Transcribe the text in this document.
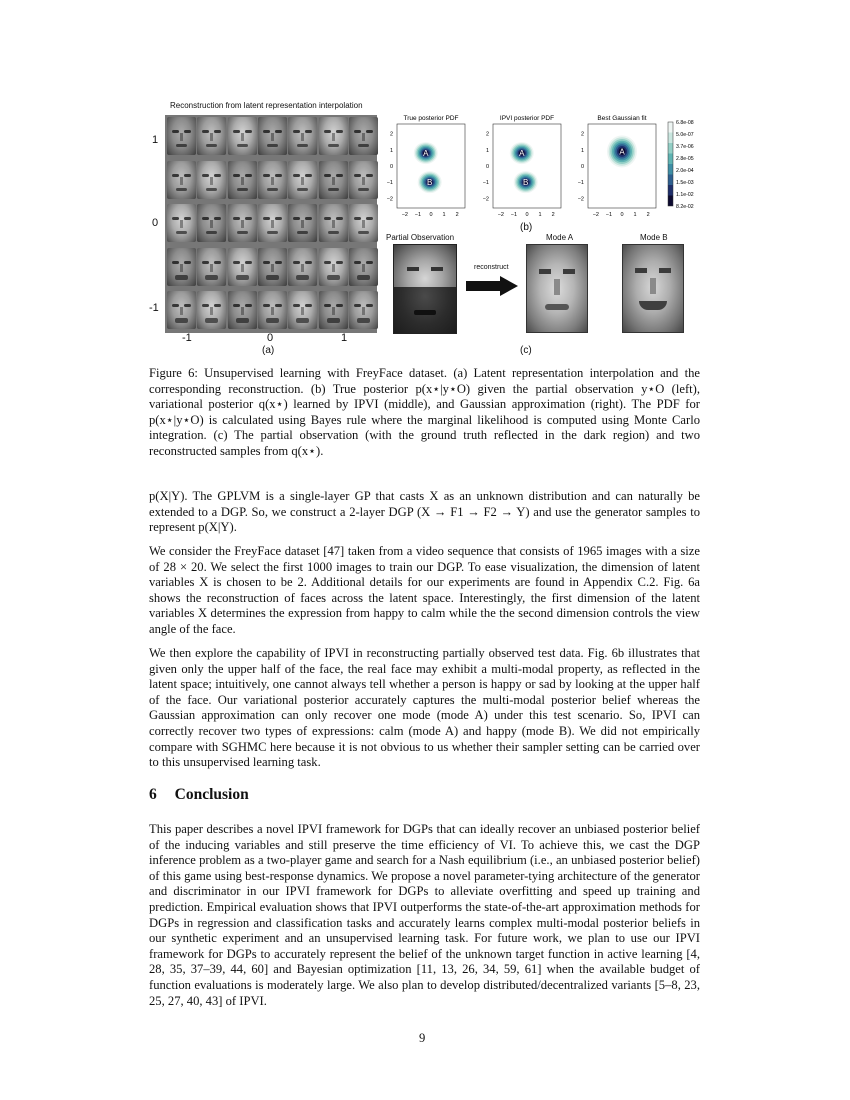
Reconstruction from latent representation interpolation
1
0
-1
-1	0	1
(a)
True posterior PDF
A
B
2
1
0
−1
−2
−2 −1 0 1 2
IPVI posterior PDF
A
B
2
1
0
−1
−2
−2 −1 0 1 2
Best Gaussian fit
A
2
1
0
−1
−2
−2 −1 0 1 2
6.8e-08
5.0e-07
3.7e-06
2.8e-05
2.0e-04
1.5e-03
1.1e-02
8.2e-02
(b)
Partial Observation	Mode A	Mode B
reconstruct
(c)

Figure 6: Unsupervised learning with FreyFace dataset. (a) Latent representation interpolation and the corresponding reconstruction. (b) True posterior p(x⋆|y⋆O) given the partial observation y⋆O (left), variational posterior q(x⋆) learned by IPVI (middle), and Gaussian approximation (right). The PDF for p(x⋆|y⋆O) is calculated using Bayes rule where the marginal likelihood is computed using Monte Carlo integration. (c) The partial observation (with the ground truth reflected in the dark region) and two reconstructed samples from q(x⋆).

p(X|Y). The GPLVM is a single-layer GP that casts X as an unknown distribution and can naturally be extended to a DGP. So, we construct a 2-layer DGP (X → F1 → F2 → Y) and use the generator samples to represent p(X|Y).

We consider the FreyFace dataset [47] taken from a video sequence that consists of 1965 images with a size of 28 × 20. We select the first 1000 images to train our DGP. To ease visualization, the dimension of latent variables X is chosen to be 2. Additional details for our experiments are found in Appendix C.2. Fig. 6a shows the reconstruction of faces across the latent space. Interestingly, the first dimension of the latent variables X determines the expression from happy to calm while the the second dimension controls the view angle of the face.

We then explore the capability of IPVI in reconstructing partially observed test data. Fig. 6b illustrates that given only the upper half of the face, the real face may exhibit a multi-modal property, as reflected in the latent space; intuitively, one cannot always tell whether a person is happy or sad by looking at the upper half of the face. Our variational posterior accurately captures the multi-modal posterior belief whereas the Gaussian approximation can only recover one mode (mode A) under this test scenario. So, IPVI can correctly recover two types of expressions: calm (mode A) and happy (mode B). We did not empirically compare with SGHMC here because it is not obvious to us whether their sampler setting can be carried over to this unsupervised learning task.

6 Conclusion

This paper describes a novel IPVI framework for DGPs that can ideally recover an unbiased posterior belief of the inducing variables and still preserve the time efficiency of VI. To achieve this, we cast the DGP inference problem as a two-player game and search for a Nash equilibrium (i.e., an unbiased posterior belief) of this game using best-response dynamics. We propose a novel parameter-tying architecture of the generator and discriminator in our IPVI framework for DGPs to alleviate overfitting and speed up training and prediction. Empirical evaluation shows that IPVI outperforms the state-of-the-art approximation methods for DGPs in regression and classification tasks and accurately learns complex multi-modal posterior beliefs in our synthetic experiment and an unsupervised learning task. For future work, we plan to use our IPVI framework for DGPs to accurately represent the belief of the unknown target function in active learning [4, 28, 35, 37–39, 44, 60] and Bayesian optimization [11, 13, 26, 34, 59, 61] when the available budget of function evaluations is moderately large. We also plan to develop distributed/decentralized variants [5–8, 23, 25, 27, 40, 43] of IPVI.

9
